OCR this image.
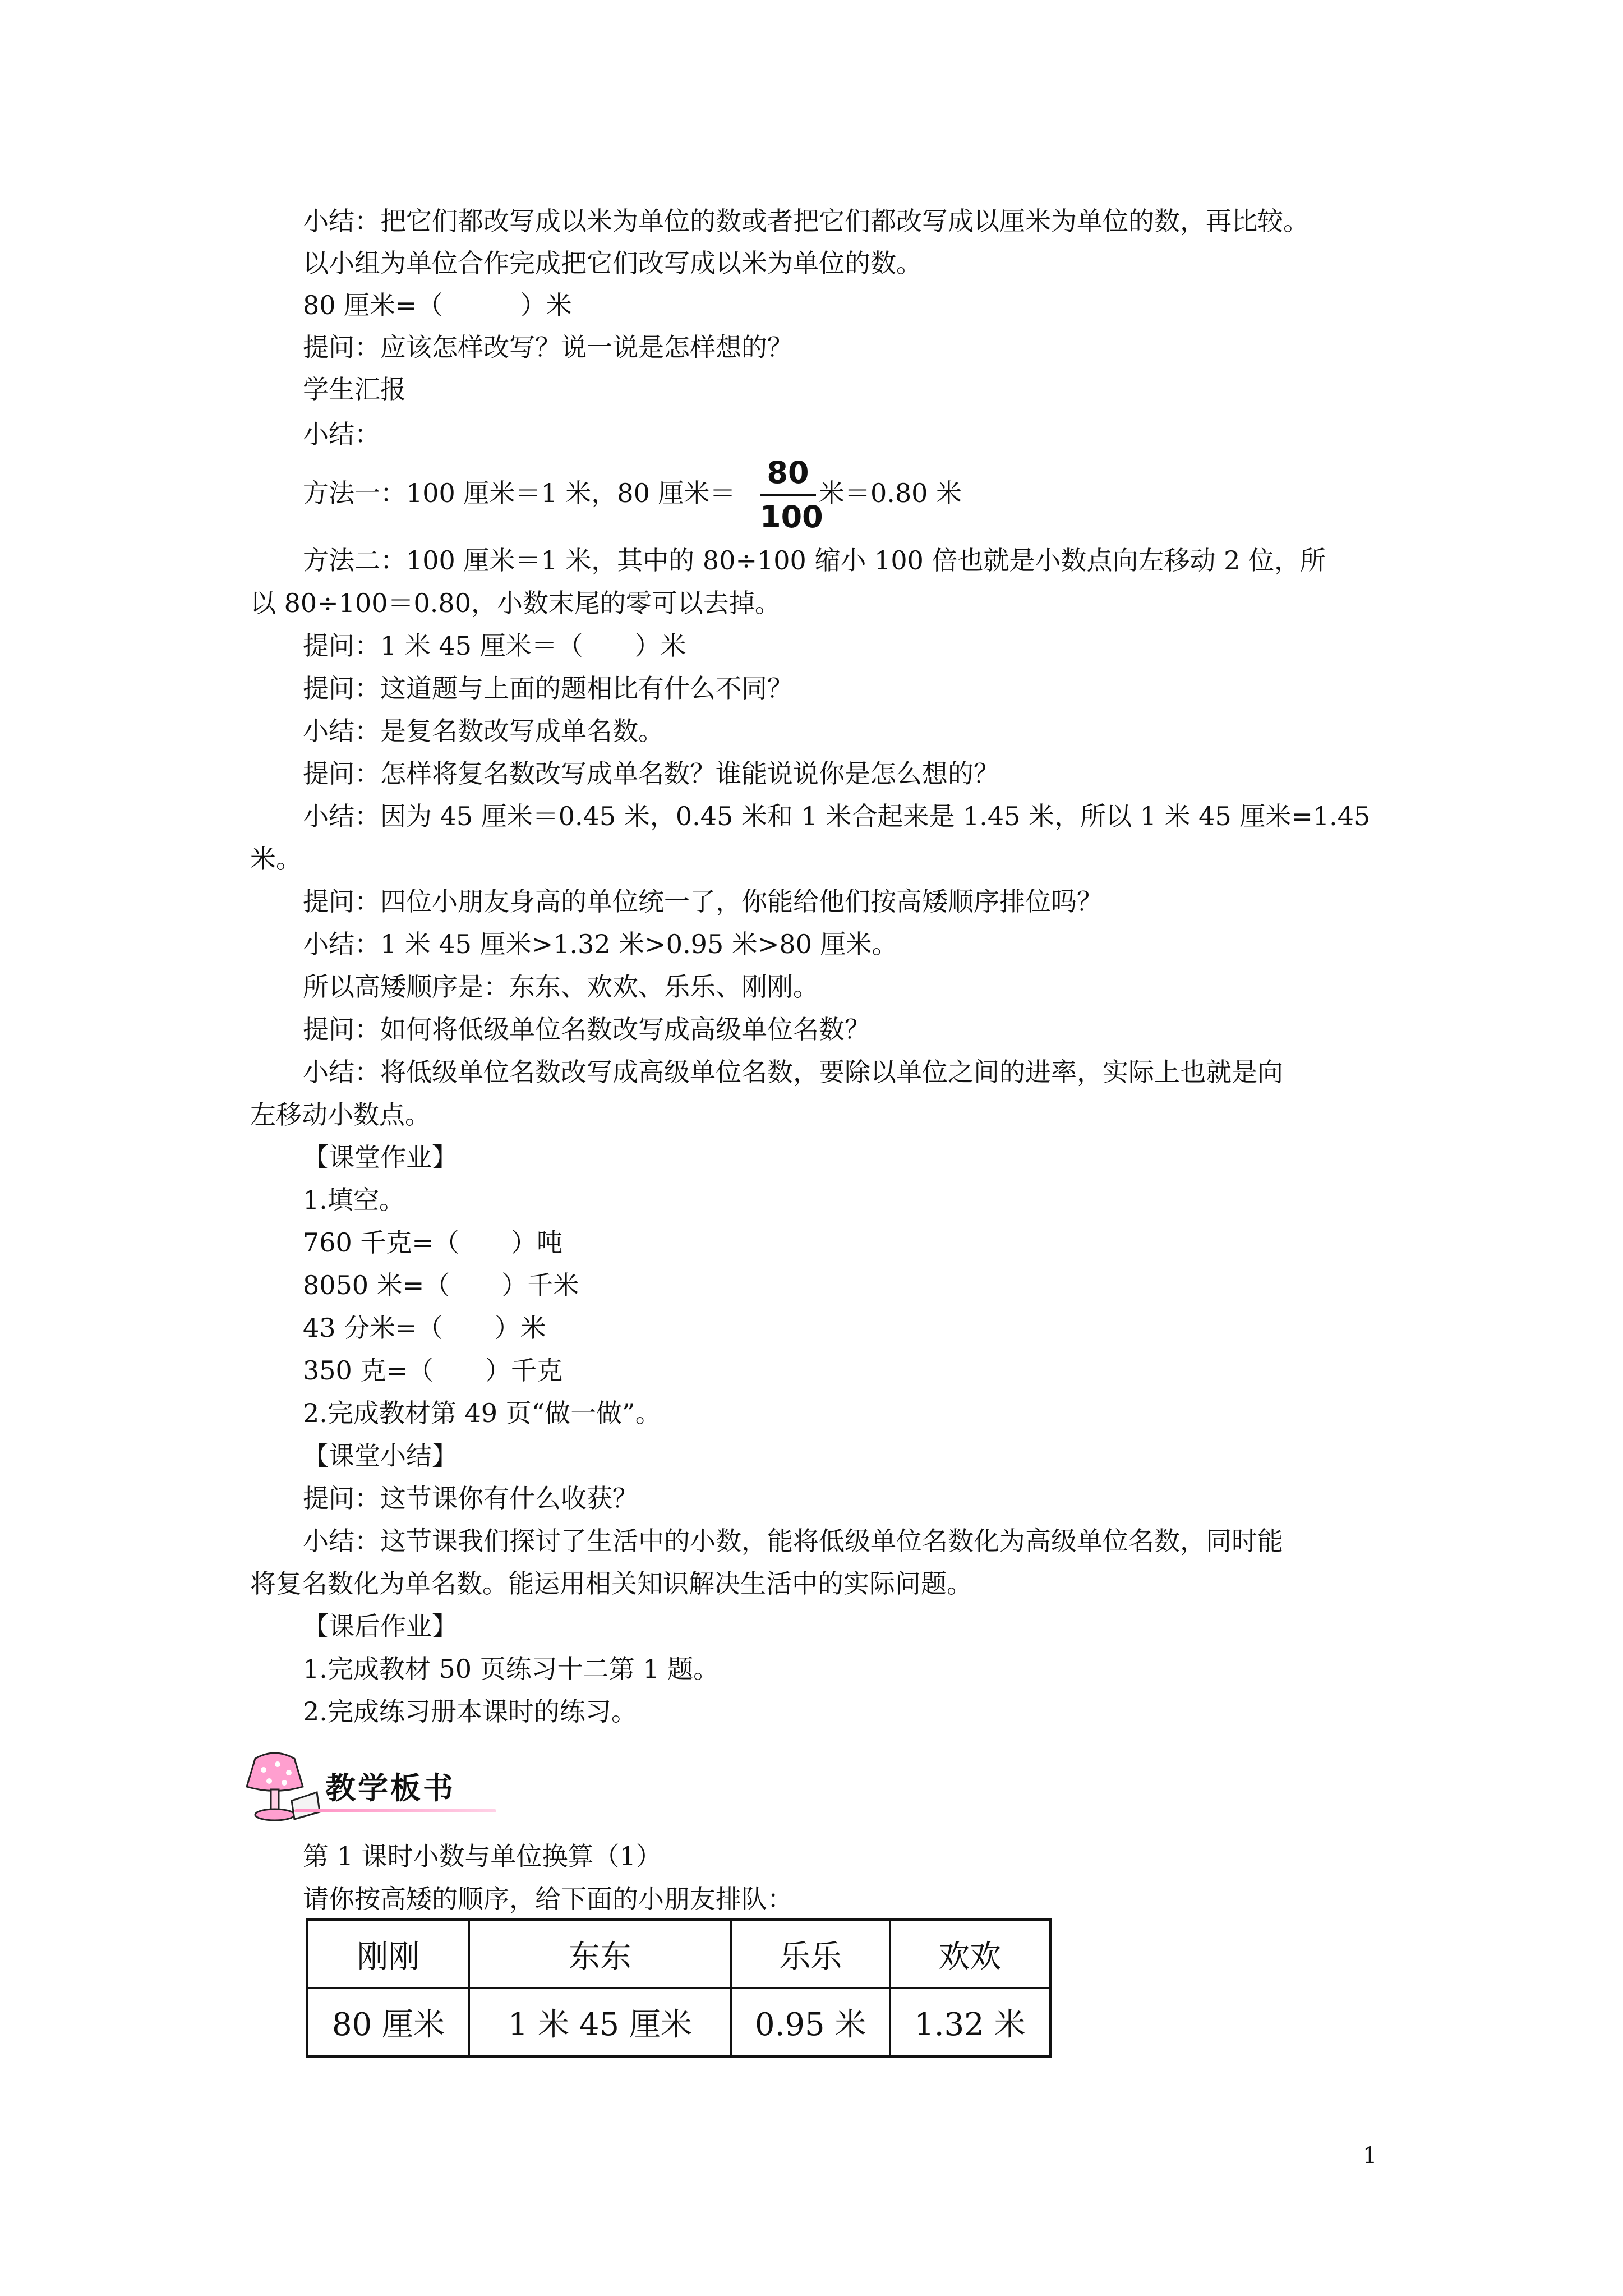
小结：把它们都改写成以米为单位的数或者把它们都改写成以厘米为单位的数，再比较。
以小组为单位合作完成把它们改写成以米为单位的数。
80 厘米=（　　　）米
提问：应该怎样改写？说一说是怎样想的？
学生汇报
小结：
方法一：100 厘米＝1 米，80 厘米＝
80
100
米＝0.80 米
方法二：100 厘米＝1 米，其中的 80÷100 缩小 100 倍也就是小数点向左移动 2 位，所
以 80÷100＝0.80，小数末尾的零可以去掉。
提问：1 米 45 厘米＝（　　）米
提问：这道题与上面的题相比有什么不同？
小结：是复名数改写成单名数。
提问：怎样将复名数改写成单名数？谁能说说你是怎么想的？
小结：因为 45 厘米＝0.45 米，0.45 米和 1 米合起来是 1.45 米，所以 1 米 45 厘米=1.45
米。
提问：四位小朋友身高的单位统一了，你能给他们按高矮顺序排位吗？
小结：1 米 45 厘米>1.32 米>0.95 米>80 厘米。
所以高矮顺序是：东东、欢欢、乐乐、刚刚。
提问：如何将低级单位名数改写成高级单位名数？
小结：将低级单位名数改写成高级单位名数，要除以单位之间的进率，实际上也就是向
左移动小数点。
【课堂作业】
1.填空。
760 千克=（　　）吨
8050 米=（　　）千米
43 分米=（　　）米
350 克=（　　）千克
2.完成教材第 49 页“做一做”。
【课堂小结】
提问：这节课你有什么收获？
小结：这节课我们探讨了生活中的小数，能将低级单位名数化为高级单位名数，同时能
将复名数化为单名数。能运用相关知识解决生活中的实际问题。
【课后作业】
1.完成教材 50 页练习十二第 1 题。
2.完成练习册本课时的练习。
教学板书
第 1 课时小数与单位换算（1）
请你按高矮的顺序，给下面的小朋友排队：
刚刚	东东	乐乐	欢欢
80 厘米	1 米 45 厘米	0.95 米	1.32 米
1
